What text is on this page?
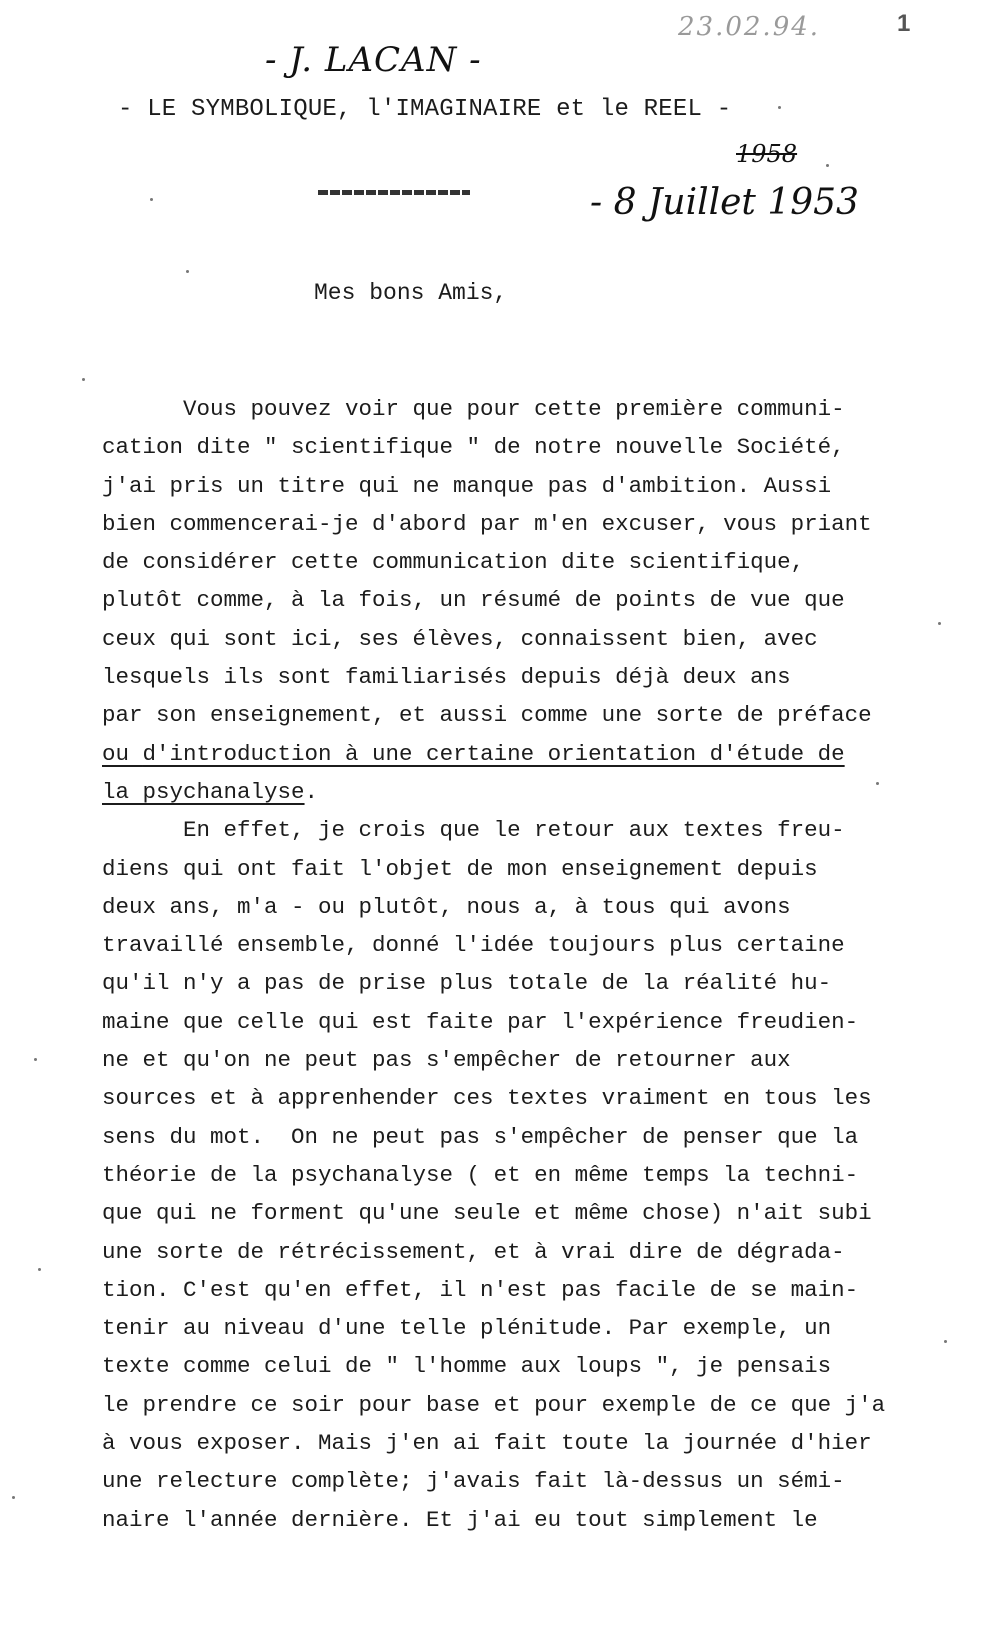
- J. LACAN -
23.02.94.	1
- LE SYMBOLIQUE, l'IMAGINAIRE et le REEL -
1958
- 8 Juillet 1953
Mes bons Amis,
Vous pouvez voir que pour cette première communi-
cation dite " scientifique " de notre nouvelle Société,
j'ai pris un titre qui ne manque pas d'ambition. Aussi
bien commencerai-je d'abord par m'en excuser, vous priant
de considérer cette communication dite scientifique,
plutôt comme, à la fois, un résumé de points de vue que
ceux qui sont ici, ses élèves, connaissent bien, avec
lesquels ils sont familiarisés depuis déjà deux ans
par son enseignement, et aussi comme une sorte de préface
ou d'introduction à une certaine orientation d'étude de
la psychanalyse.
En effet, je crois que le retour aux textes freu-
diens qui ont fait l'objet de mon enseignement depuis
deux ans, m'a - ou plutôt, nous a, à tous qui avons
travaillé ensemble, donné l'idée toujours plus certaine
qu'il n'y a pas de prise plus totale de la réalité hu-
maine que celle qui est faite par l'expérience freudien-
ne et qu'on ne peut pas s'empêcher de retourner aux
sources et à apprenhender ces textes vraiment en tous les
sens du mot.  On ne peut pas s'empêcher de penser que la
théorie de la psychanalyse ( et en même temps la techni-
que qui ne forment qu'une seule et même chose) n'ait subi
une sorte de rétrécissement, et à vrai dire de dégrada-
tion. C'est qu'en effet, il n'est pas facile de se main-
tenir au niveau d'une telle plénitude. Par exemple, un
texte comme celui de " l'homme aux loups ", je pensais
le prendre ce soir pour base et pour exemple de ce que j'a
à vous exposer. Mais j'en ai fait toute la journée d'hier
une relecture complète; j'avais fait là-dessus un sémi-
naire l'année dernière. Et j'ai eu tout simplement le
